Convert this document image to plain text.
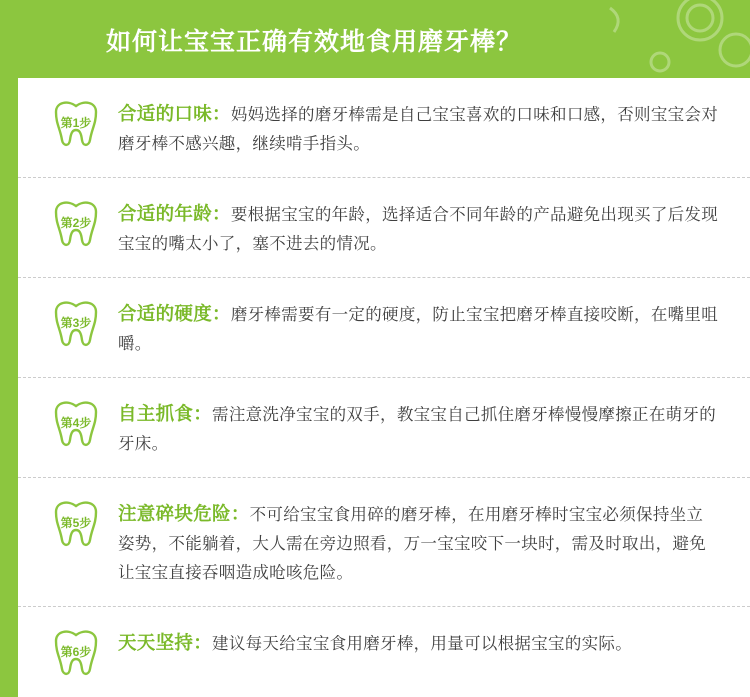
如何让宝宝正确有效地食用磨牙棒？
第1步	合适的口味：妈妈选择的磨牙棒需是自己宝宝喜欢的口味和口感，否则宝宝会对磨牙棒不感兴趣，继续啃手指头。
第2步	合适的年龄：要根据宝宝的年龄，选择适合不同年龄的产品避免出现买了后发现宝宝的嘴太小了，塞不进去的情况。
第3步	合适的硬度：磨牙棒需要有一定的硬度，防止宝宝把磨牙棒直接咬断，在嘴里咀嚼。
第4步	自主抓食：需注意洗净宝宝的双手，教宝宝自己抓住磨牙棒慢慢摩擦正在萌牙的牙床。
第5步	注意碎块危险：不可给宝宝食用碎的磨牙棒，在用磨牙棒时宝宝必须保持坐立姿势，不能躺着，大人需在旁边照看，万一宝宝咬下一块时，需及时取出，避免让宝宝直接吞咽造成呛咳危险。
第6步	天天坚持：建议每天给宝宝食用磨牙棒，用量可以根据宝宝的实际。
